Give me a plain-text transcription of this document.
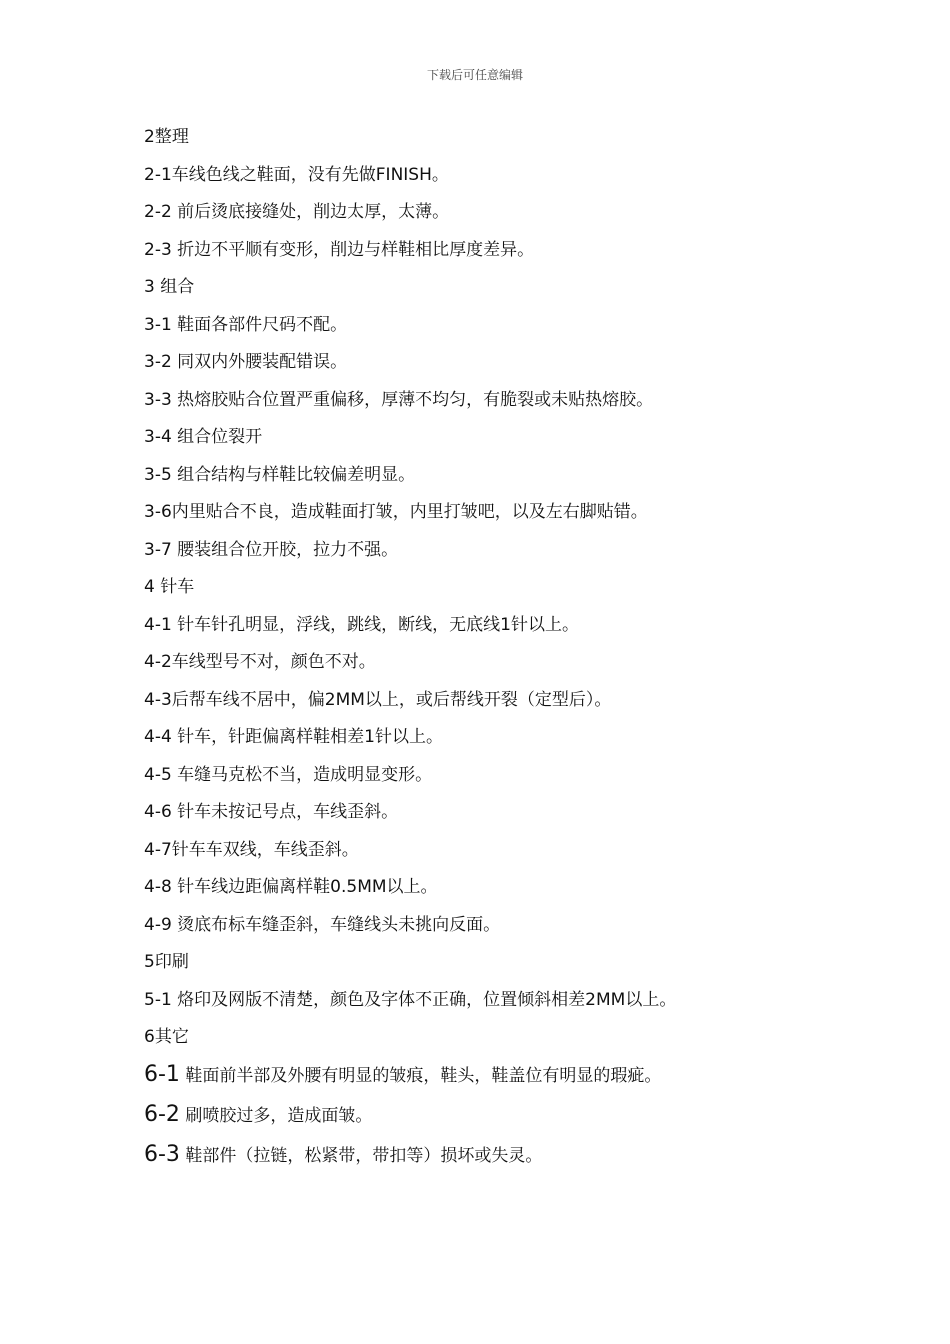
下载后可任意编辑
2整理
2-1车线色线之鞋面，没有先做FINISH。
2-2 前后烫底接缝处，削边太厚，太薄。
2-3 折边不平顺有变形，削边与样鞋相比厚度差异。
3 组合
3-1 鞋面各部件尺码不配。
3-2 同双内外腰装配错误。
3-3 热熔胶贴合位置严重偏移，厚薄不均匀，有脆裂或未贴热熔胶。
3-4 组合位裂开
3-5 组合结构与样鞋比较偏差明显。
3-6内里贴合不良，造成鞋面打皱，内里打皱吧，以及左右脚贴错。
3-7 腰装组合位开胶，拉力不强。
4 针车
4-1 针车针孔明显，浮线，跳线，断线，无底线1针以上。
4-2车线型号不对，颜色不对。
4-3后帮车线不居中，偏2MM以上，或后帮线开裂（定型后）。
4-4 针车，针距偏离样鞋相差1针以上。
4-5 车缝马克松不当，造成明显变形。
4-6 针车未按记号点，车线歪斜。
4-7针车车双线，车线歪斜。
4-8 针车线边距偏离样鞋0.5MM以上。
4-9 烫底布标车缝歪斜，车缝线头未挑向反面。
5印刷
5-1 烙印及网版不清楚，颜色及字体不正确，位置倾斜相差2MM以上。
6其它
6-1 鞋面前半部及外腰有明显的皱痕，鞋头，鞋盖位有明显的瑕疵。
6-2 刷喷胶过多，造成面皱。
6-3 鞋部件（拉链，松紧带，带扣等）损坏或失灵。
